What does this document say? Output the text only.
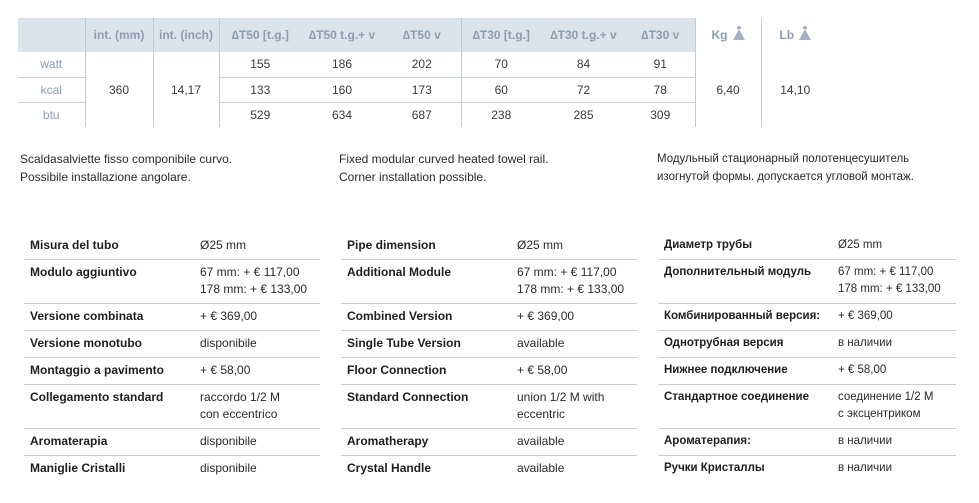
	int. (mm)	int. (inch)	∆T50 [t.g.]	∆T50 t.g.+ v	∆T50 v	∆T30 [t.g.]	∆T30 t.g.+ v	∆T30 v	Kg	Lb
watt	360	14,17	155	186	202	70	84	91	6,40	14,10
kcal			133	160	173	60	72	78		
btu			529	634	687	238	285	309		
Scaldasalviette fisso componibile curvo.
Possibile installazione angolare.
Fixed modular curved heated towel rail.
Corner installation possible.
Модульный стационарный полотенцесушитель
изогнутой формы. допускается угловой монтаж.
Misura del tubo	Ø25 mm

Modulo aggiuntivo	67 mm: + € 117,00
178 mm: + € 133,00

Versione combinata	+ € 369,00

Versione monotubo	disponibile

Montaggio a pavimento	+ € 58,00

Collegamento standard	raccordo 1/2 M
con eccentrico

Aromaterapia	disponibile

Maniglie Cristalli	disponibile
Pipe dimension	Ø25 mm

Additional Module	67 mm: + € 117,00
178 mm: + € 133,00

Combined Version	+ € 369,00

Single Tube Version	available

Floor Connection	+ € 58,00

Standard Connection	union 1/2 M with
eccentric

Aromatherapy	available

Crystal Handle	available
Диаметр трубы	Ø25 mm

Дополнительный модуль	67 mm: + € 117,00
178 mm: + € 133,00

Комбинированный версия:	+ € 369,00

Однотрубная версия	в наличии

Нижнее подключение	+ € 58,00

Стандартное соединение	соединение 1/2 М
с эксцентриком

Ароматерапия:	в наличии

Ручки Кристаллы	в наличии
